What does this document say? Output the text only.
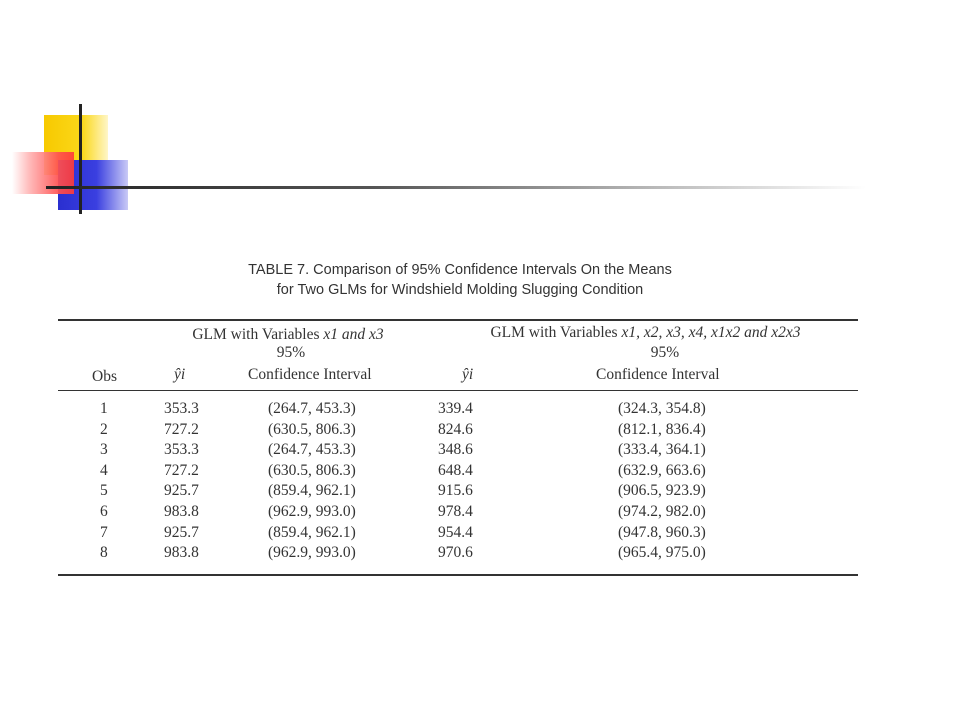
TABLE 7. Comparison of 95% Confidence Intervals On the Means
for Two GLMs for Windshield Molding Slugging Condition
GLM with Variables x1 and x3
95%
GLM with Variables x1, x2, x3, x4, x1x2 and x2x3
95%
Obs	ŷi	Confidence Interval	ŷi	Confidence Interval
1	353.3	(264.7, 453.3)	339.4	(324.3, 354.8)
2	727.2	(630.5, 806.3)	824.6	(812.1, 836.4)
3	353.3	(264.7, 453.3)	348.6	(333.4, 364.1)
4	727.2	(630.5, 806.3)	648.4	(632.9, 663.6)
5	925.7	(859.4, 962.1)	915.6	(906.5, 923.9)
6	983.8	(962.9, 993.0)	978.4	(974.2, 982.0)
7	925.7	(859.4, 962.1)	954.4	(947.8, 960.3)
8	983.8	(962.9, 993.0)	970.6	(965.4, 975.0)
